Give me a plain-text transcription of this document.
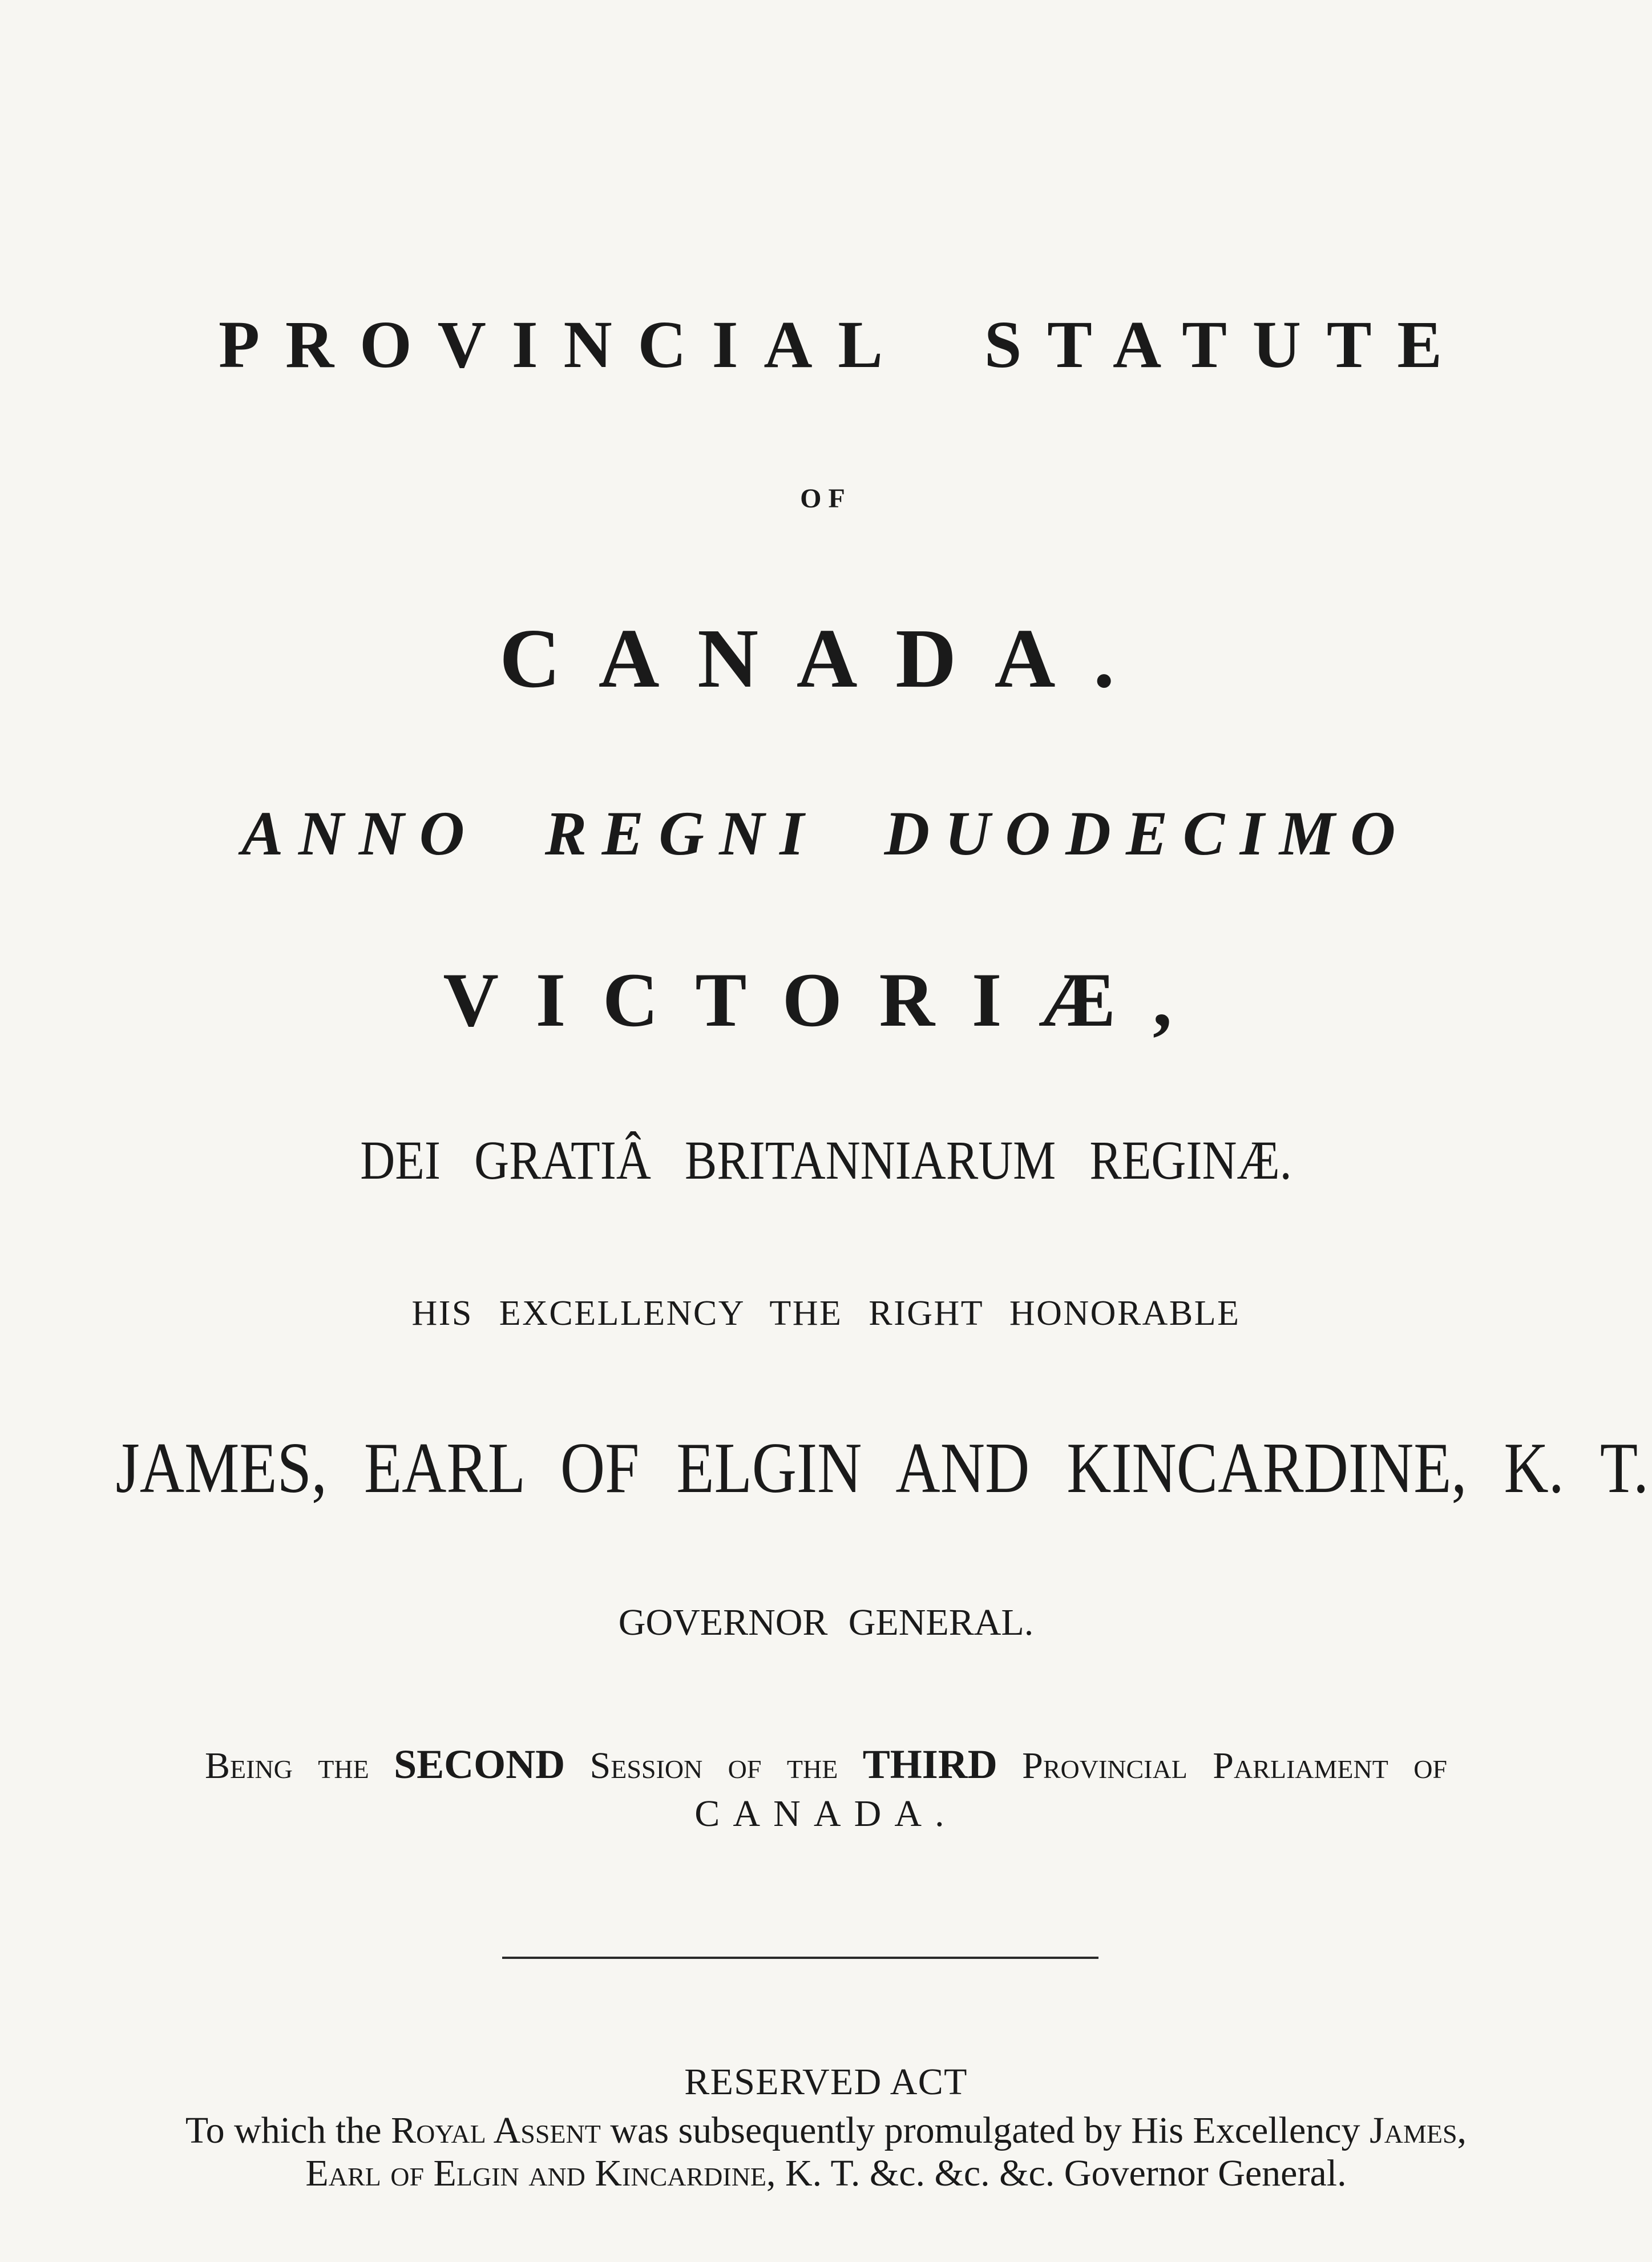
PROVINCIAL STATUTE
OF
CANADA.
ANNO REGNI DUODECIMO
VICTORIÆ,
DEI GRATIÂ BRITANNIARUM REGINÆ.
HIS EXCELLENCY THE RIGHT HONORABLE
JAMES, EARL OF ELGIN AND KINCARDINE, K. T.
GOVERNOR GENERAL.
Being the SECOND Session of the THIRD Provincial Parliament of
CANADA.
RESERVED ACT
To which the Royal Assent was subsequently promulgated by His Excellency James,
Earl of Elgin and Kincardine, K. T. &c. &c. &c. Governor General.
